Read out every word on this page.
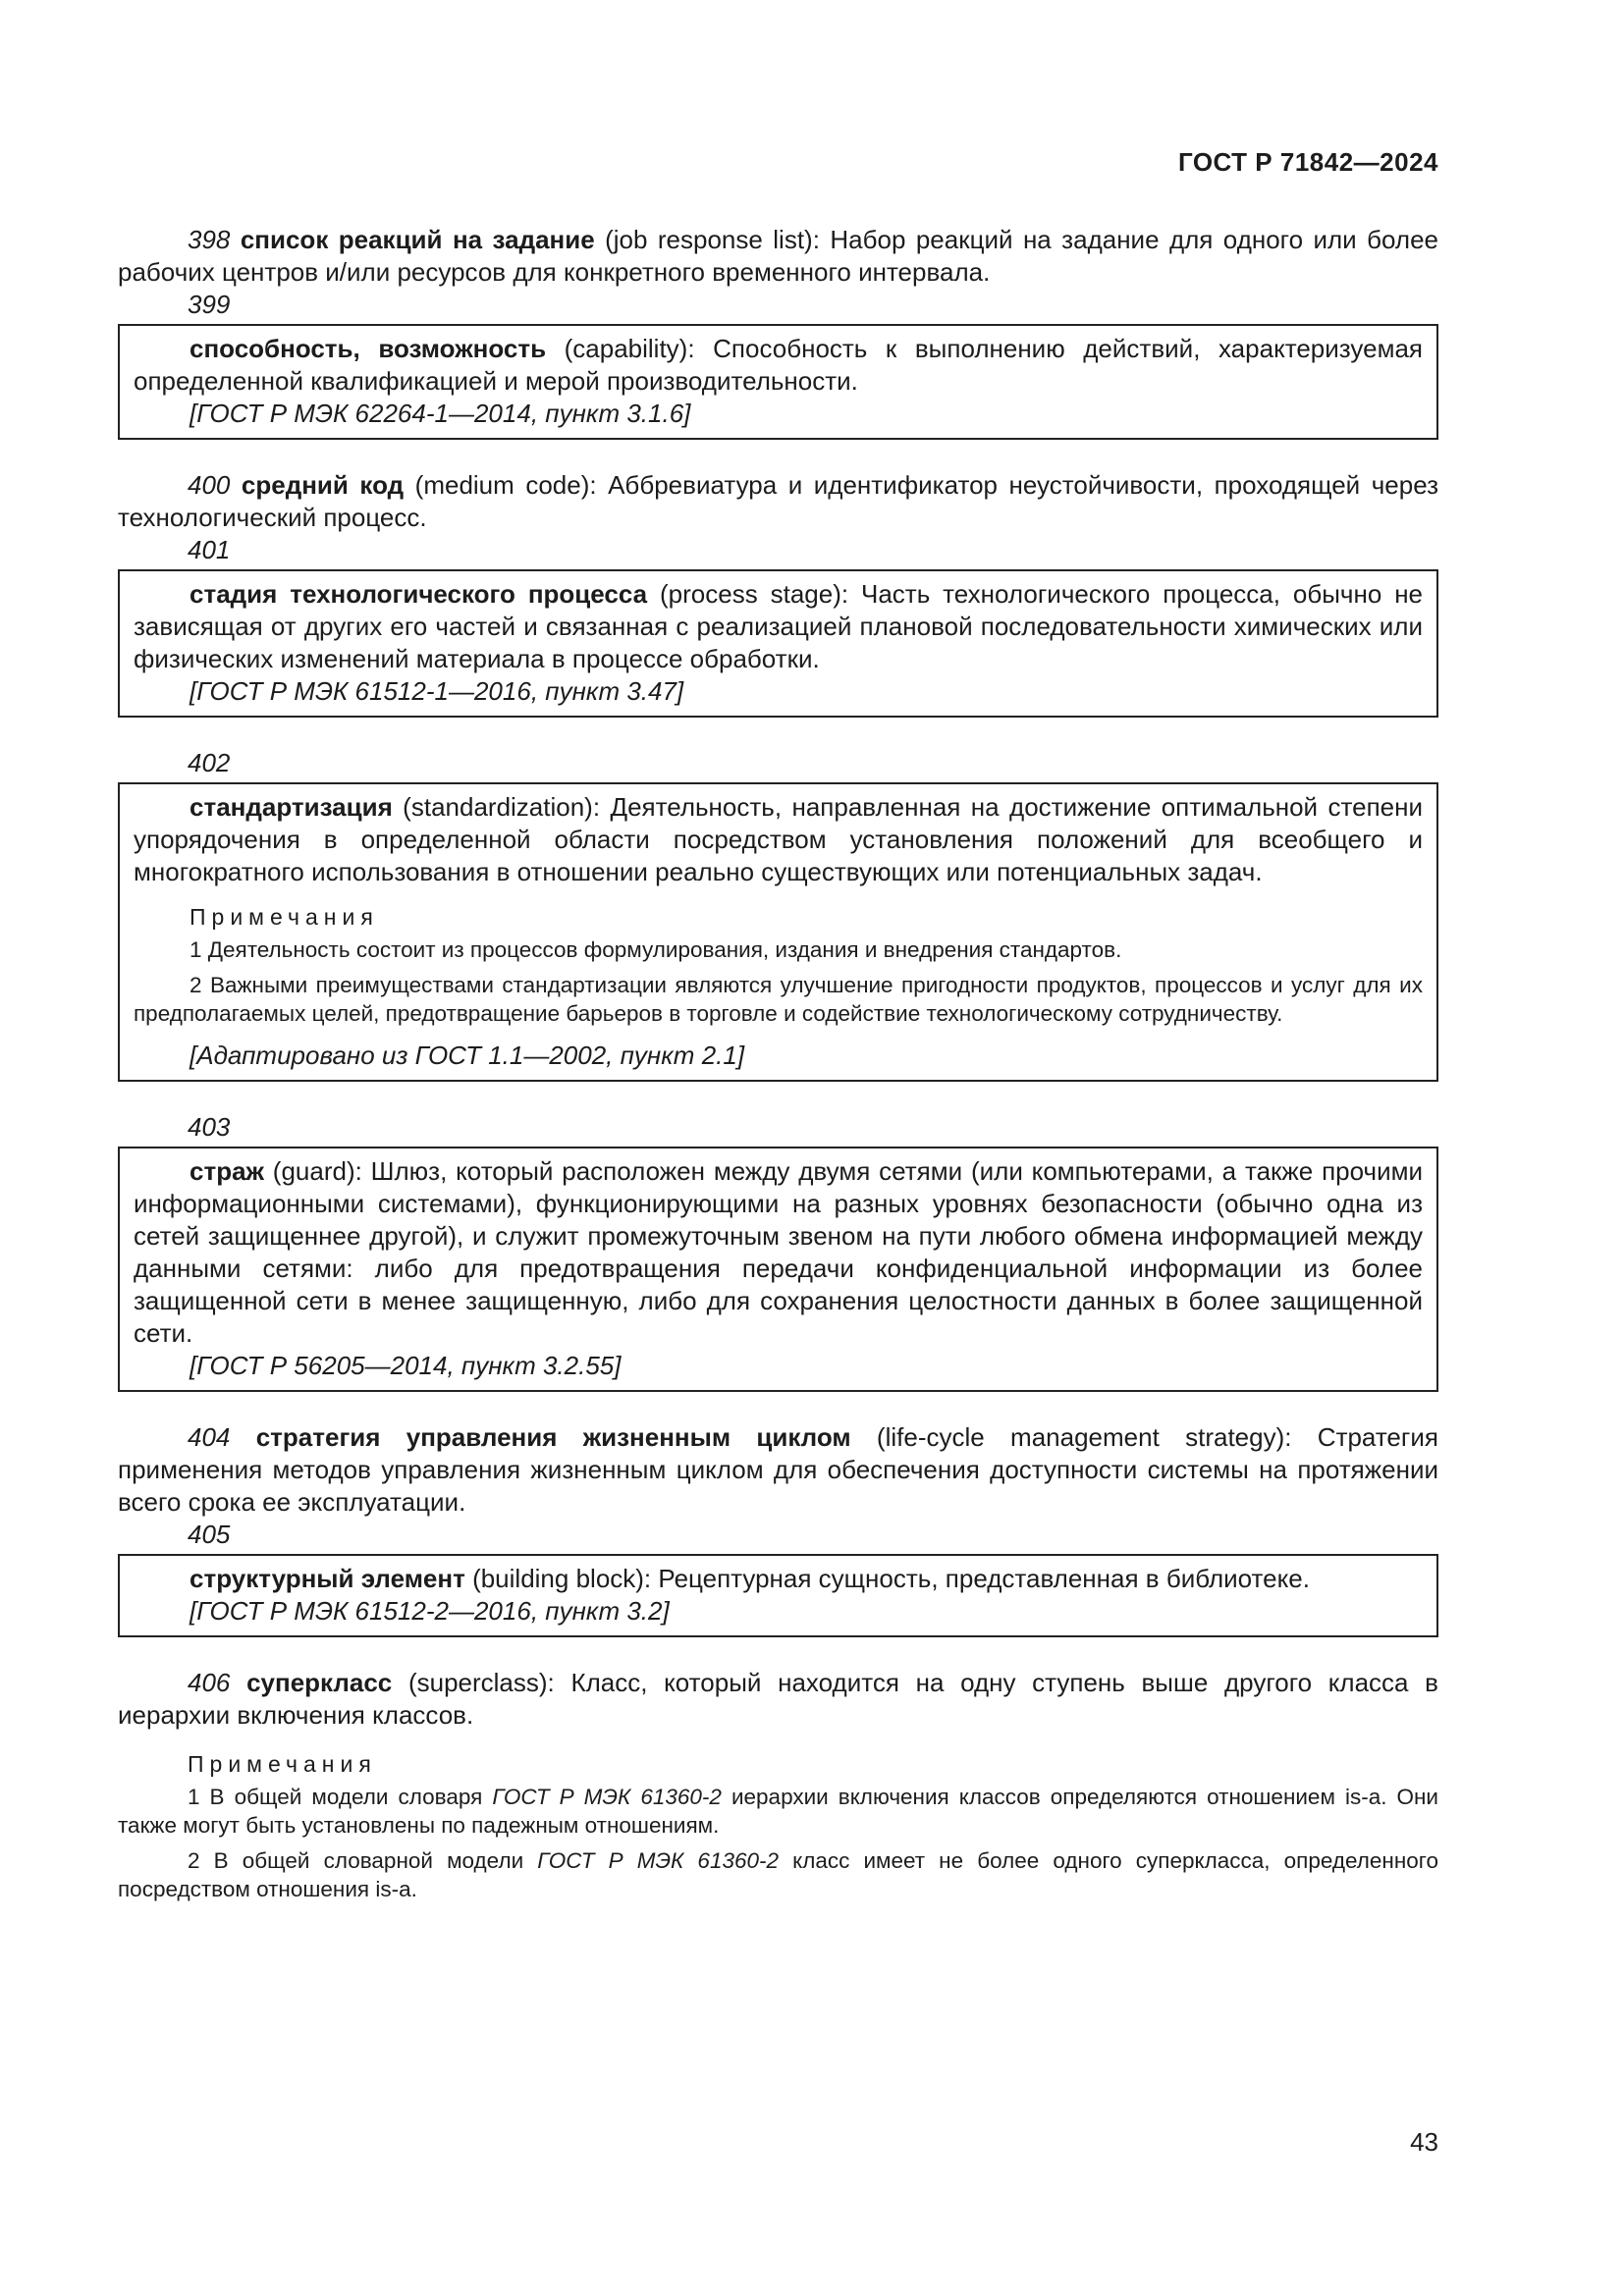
ГОСТ Р 71842—2024

398 список реакций на задание (job response list): Набор реакций на задание для одного или более рабочих центров и/или ресурсов для конкретного временного интервала.

399

способность, возможность (capability): Способность к выполнению действий, характеризуемая определенной квалификацией и мерой производительности.

[ГОСТ Р МЭК 62264-1—2014, пункт 3.1.6]

400 средний код (medium code): Аббревиатура и идентификатор неустойчивости, проходящей через технологический процесс.

401

стадия технологического процесса (process stage): Часть технологического процесса, обычно не зависящая от других его частей и связанная с реализацией плановой последовательности химических или физических изменений материала в процессе обработки.

[ГОСТ Р МЭК 61512-1—2016, пункт 3.47]

402

стандартизация (standardization): Деятельность, направленная на достижение оптимальной степени упорядочения в определенной области посредством установления положений для всеобщего и многократного использования в отношении реально существующих или потенциальных задач.

Примечания

1 Деятельность состоит из процессов формулирования, издания и внедрения стандартов.

2 Важными преимуществами стандартизации являются улучшение пригодности продуктов, процессов и услуг для их предполагаемых целей, предотвращение барьеров в торговле и содействие технологическому сотрудничеству.

[Адаптировано из ГОСТ 1.1—2002, пункт 2.1]

403

страж (guard): Шлюз, который расположен между двумя сетями (или компьютерами, а также прочими информационными системами), функционирующими на разных уровнях безопасности (обычно одна из сетей защищеннее другой), и служит промежуточным звеном на пути любого обмена информацией между данными сетями: либо для предотвращения передачи конфиденциальной информации из более защищенной сети в менее защищенную, либо для сохранения целостности данных в более защищенной сети.

[ГОСТ Р 56205—2014, пункт 3.2.55]

404 стратегия управления жизненным циклом (life-cycle management strategy): Стратегия применения методов управления жизненным циклом для обеспечения доступности системы на протяжении всего срока ее эксплуатации.

405

структурный элемент (building block): Рецептурная сущность, представленная в библиотеке.

[ГОСТ Р МЭК 61512-2—2016, пункт 3.2]

406 суперкласс (superclass): Класс, который находится на одну ступень выше другого класса в иерархии включения классов.

Примечания

1 В общей модели словаря ГОСТ Р МЭК 61360-2 иерархии включения классов определяются отношением is-a. Они также могут быть установлены по падежным отношениям.

2 В общей словарной модели ГОСТ Р МЭК 61360-2 класс имеет не более одного суперкласса, определенного посредством отношения is-a.

43
